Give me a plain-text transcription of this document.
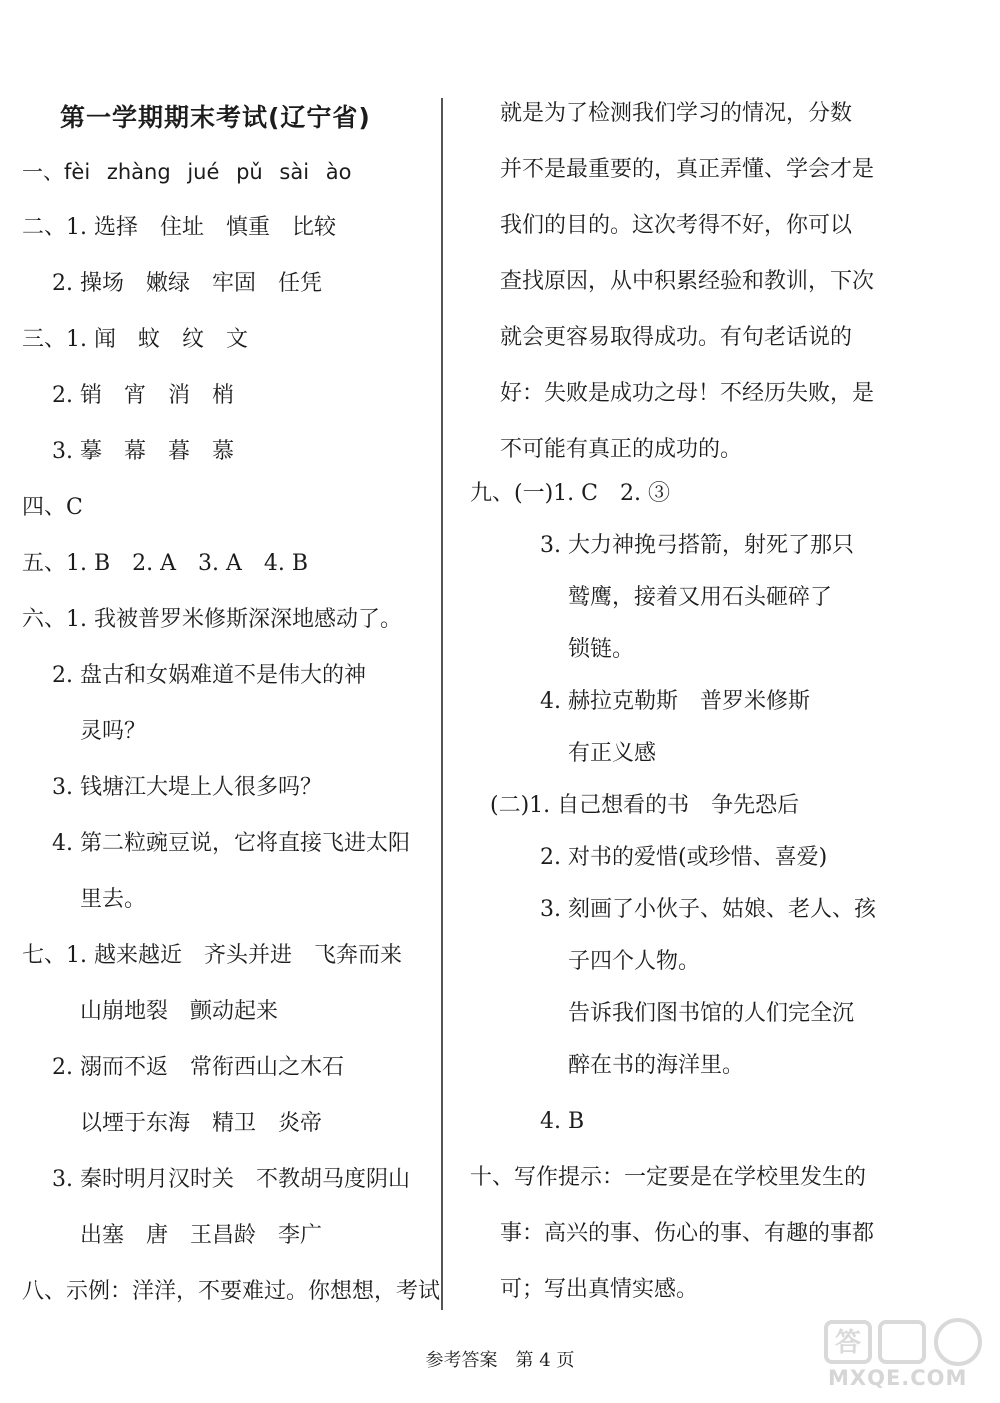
第一学期期末考试(辽宁省)
一、fèi zhàng jué pǔ sài ào
二、1. 选择　住址　慎重　比较
2. 操场　嫩绿　牢固　任凭
三、1. 闻　蚊　纹　文
2. 销　宵　消　梢
3. 摹　幕　暮　慕
四、C
五、1. B　2. A　3. A　4. B
六、1. 我被普罗米修斯深深地感动了。
2. 盘古和女娲难道不是伟大的神
灵吗？
3. 钱塘江大堤上人很多吗？
4. 第二粒豌豆说，它将直接飞进太阳
里去。
七、1. 越来越近　齐头并进　飞奔而来
山崩地裂　颤动起来
2. 溺而不返　常衔西山之木石
以堙于东海　精卫　炎帝
3. 秦时明月汉时关　不教胡马度阴山
出塞　唐　王昌龄　李广
八、示例：洋洋，不要难过。你想想，考试
就是为了检测我们学习的情况，分数
并不是最重要的，真正弄懂、学会才是
我们的目的。这次考得不好，你可以
查找原因，从中积累经验和教训，下次
就会更容易取得成功。有句老话说的
好：失败是成功之母！不经历失败，是
不可能有真正的成功的。
九、(一)1. C　2. ③
3. 大力神挽弓搭箭，射死了那只
鹫鹰，接着又用石头砸碎了
锁链。
4. 赫拉克勒斯　普罗米修斯
有正义感
(二)1. 自己想看的书　争先恐后
2. 对书的爱惜(或珍惜、喜爱)
3. 刻画了小伙子、姑娘、老人、孩
子四个人物。
告诉我们图书馆的人们完全沉
醉在书的海洋里。
4. B
十、写作提示：一定要是在学校里发生的
事：高兴的事、伤心的事、有趣的事都
可；写出真情实感。
参考答案　第 4 页
答
MXQE.COM
